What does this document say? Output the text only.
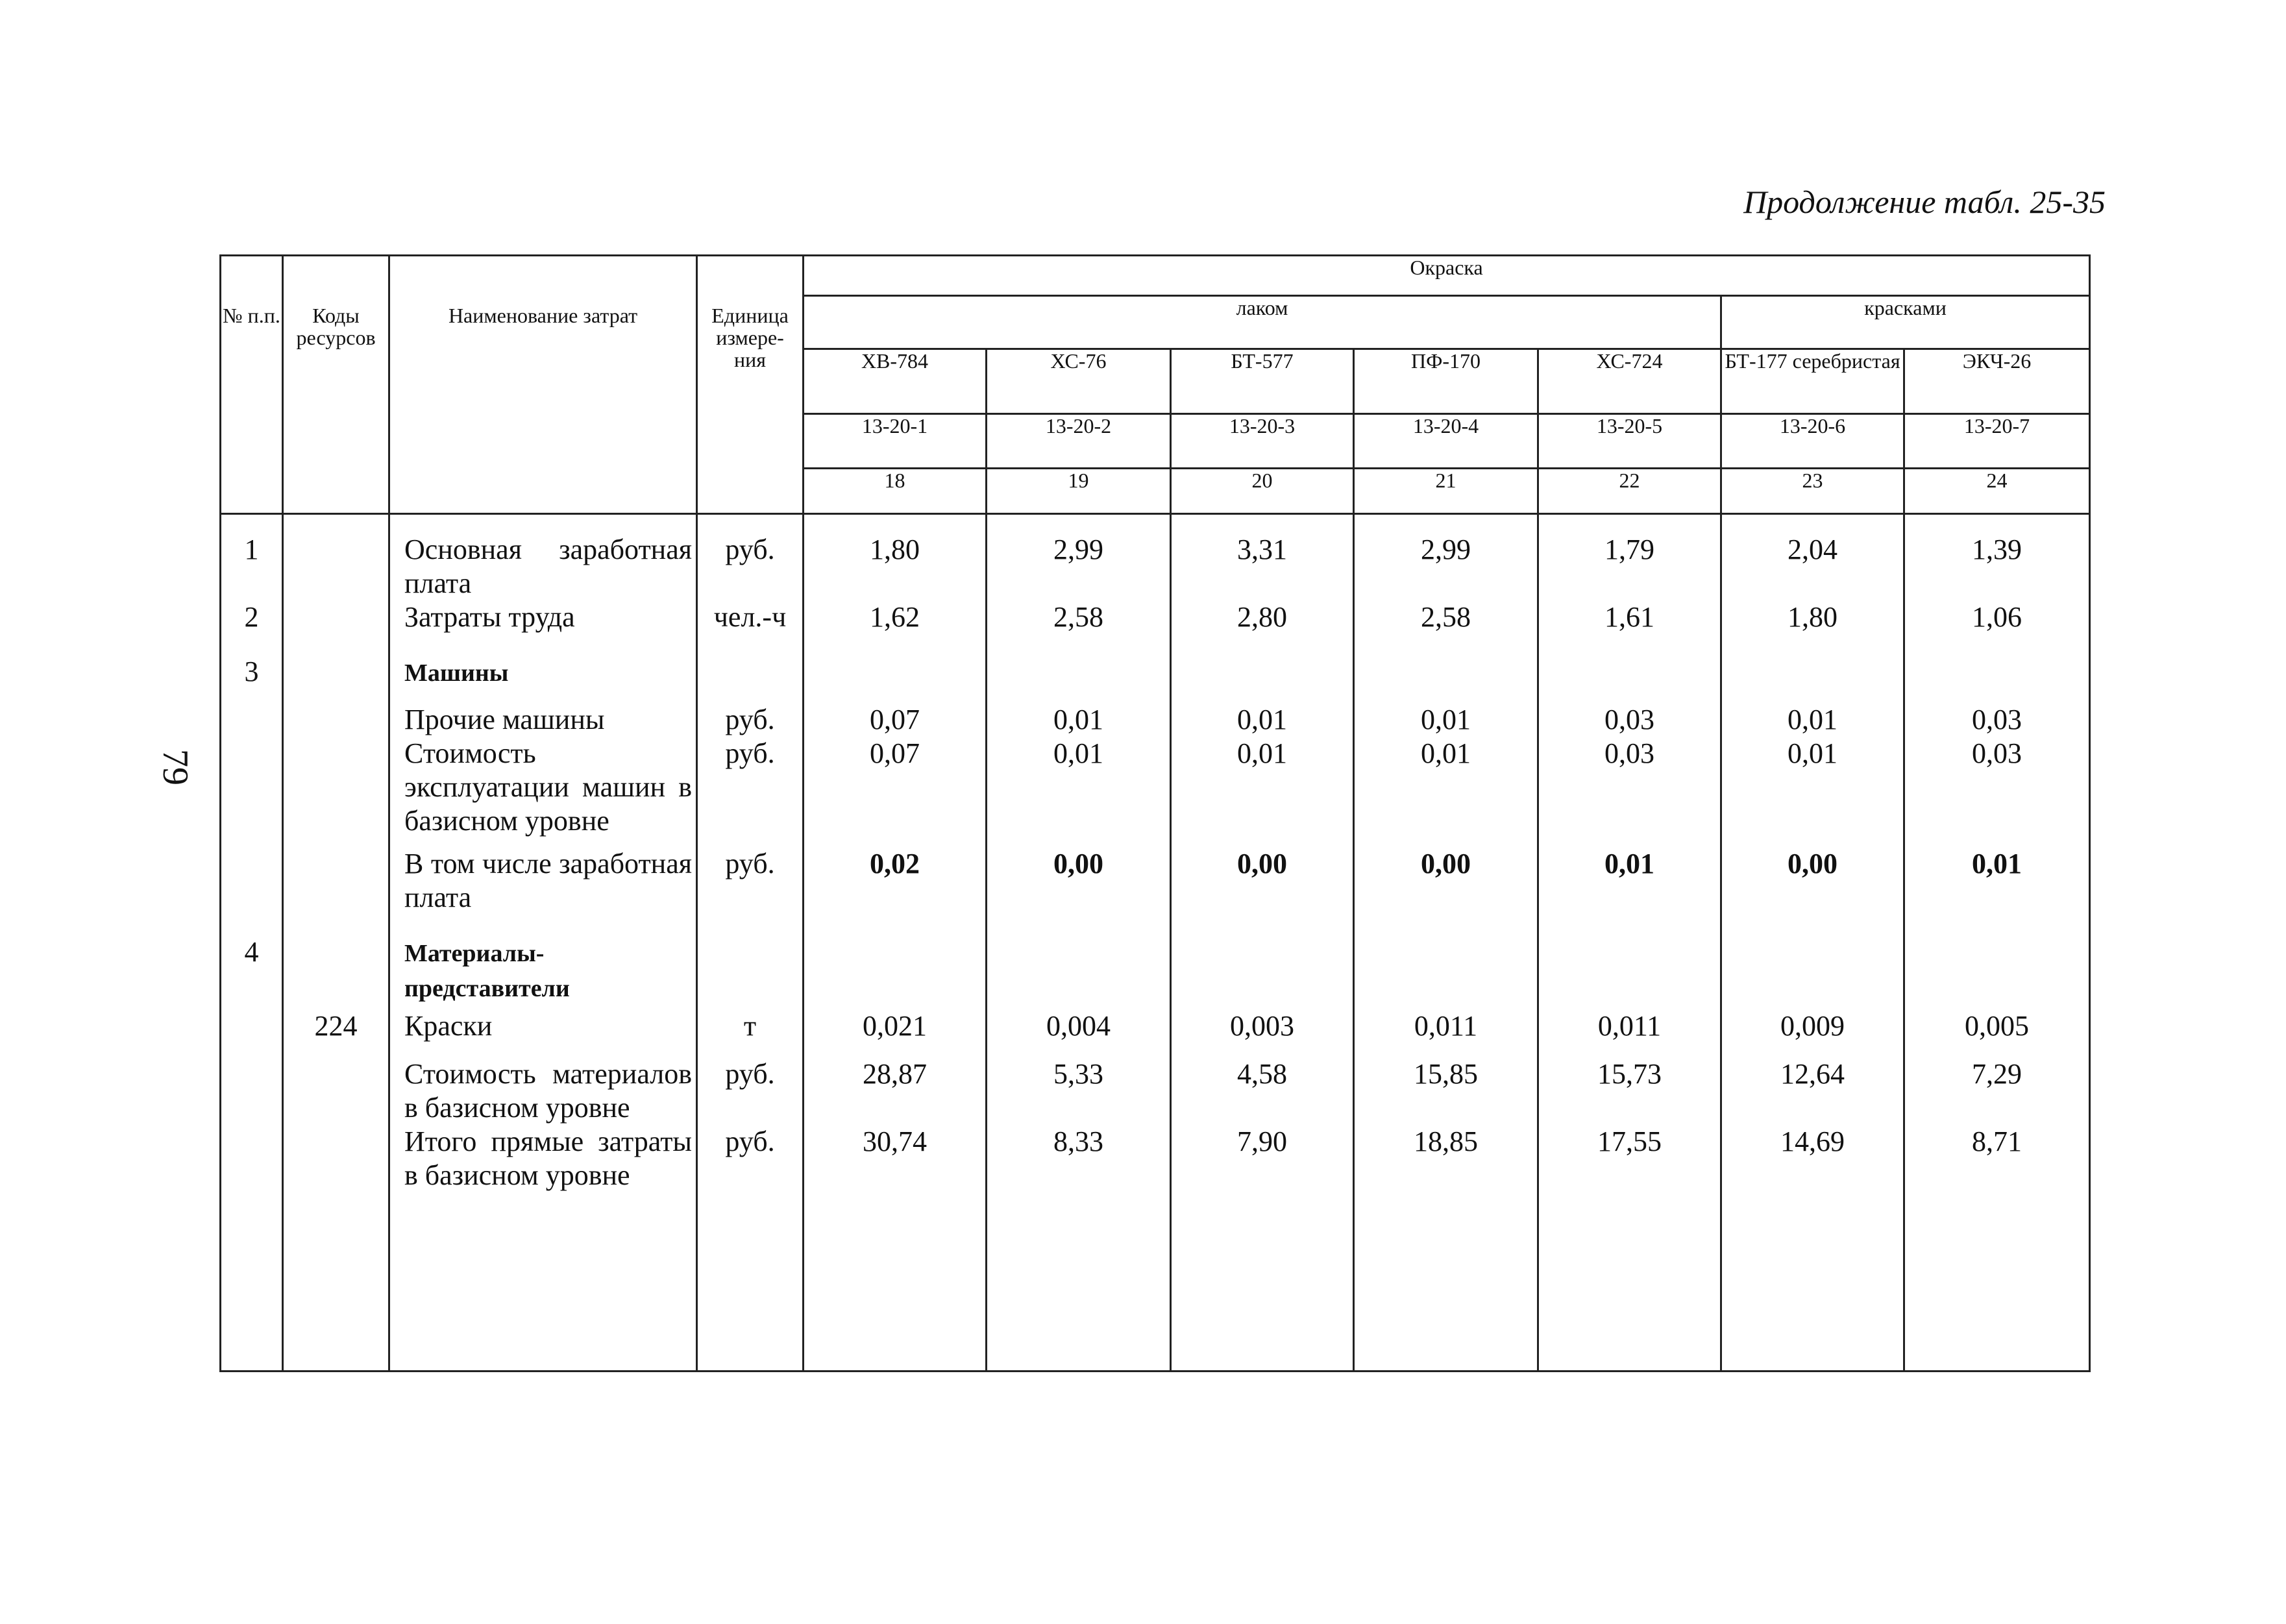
Продолжение табл. 25-35
79
№ п.п.	Коды ресурсов	Наименование затрат	Единица измере- ния	Окраска						
				лаком					красками	
				ХВ-784	ХС-76	БТ-577	ПФ-170	ХС-724	БТ-177 серебристая	ЭКЧ-26
				13-20-1	13-20-2	13-20-3	13-20-4	13-20-5	13-20-6	13-20-7
				18	19	20	21	22	23	24
1		Основная заработная плата	руб.	1,80	2,99	3,31	2,99	1,79	2,04	1,39
2		Затраты труда	чел.-ч	1,62	2,58	2,80	2,58	1,61	1,80	1,06
3		Машины								
		Прочие машины	руб.	0,07	0,01	0,01	0,01	0,03	0,01	0,03
		Стоимость эксплуатации машин в базисном уровне	руб.	0,07	0,01	0,01	0,01	0,03	0,01	0,03
		В том числе заработная плата	руб.	0,02	0,00	0,00	0,00	0,01	0,00	0,01
4		Материалы-представители								
	224	Краски	т	0,021	0,004	0,003	0,011	0,011	0,009	0,005
		Стоимость материалов в базисном уровне	руб.	28,87	5,33	4,58	15,85	15,73	12,64	7,29
		Итого прямые затраты в базисном уровне	руб.	30,74	8,33	7,90	18,85	17,55	14,69	8,71
